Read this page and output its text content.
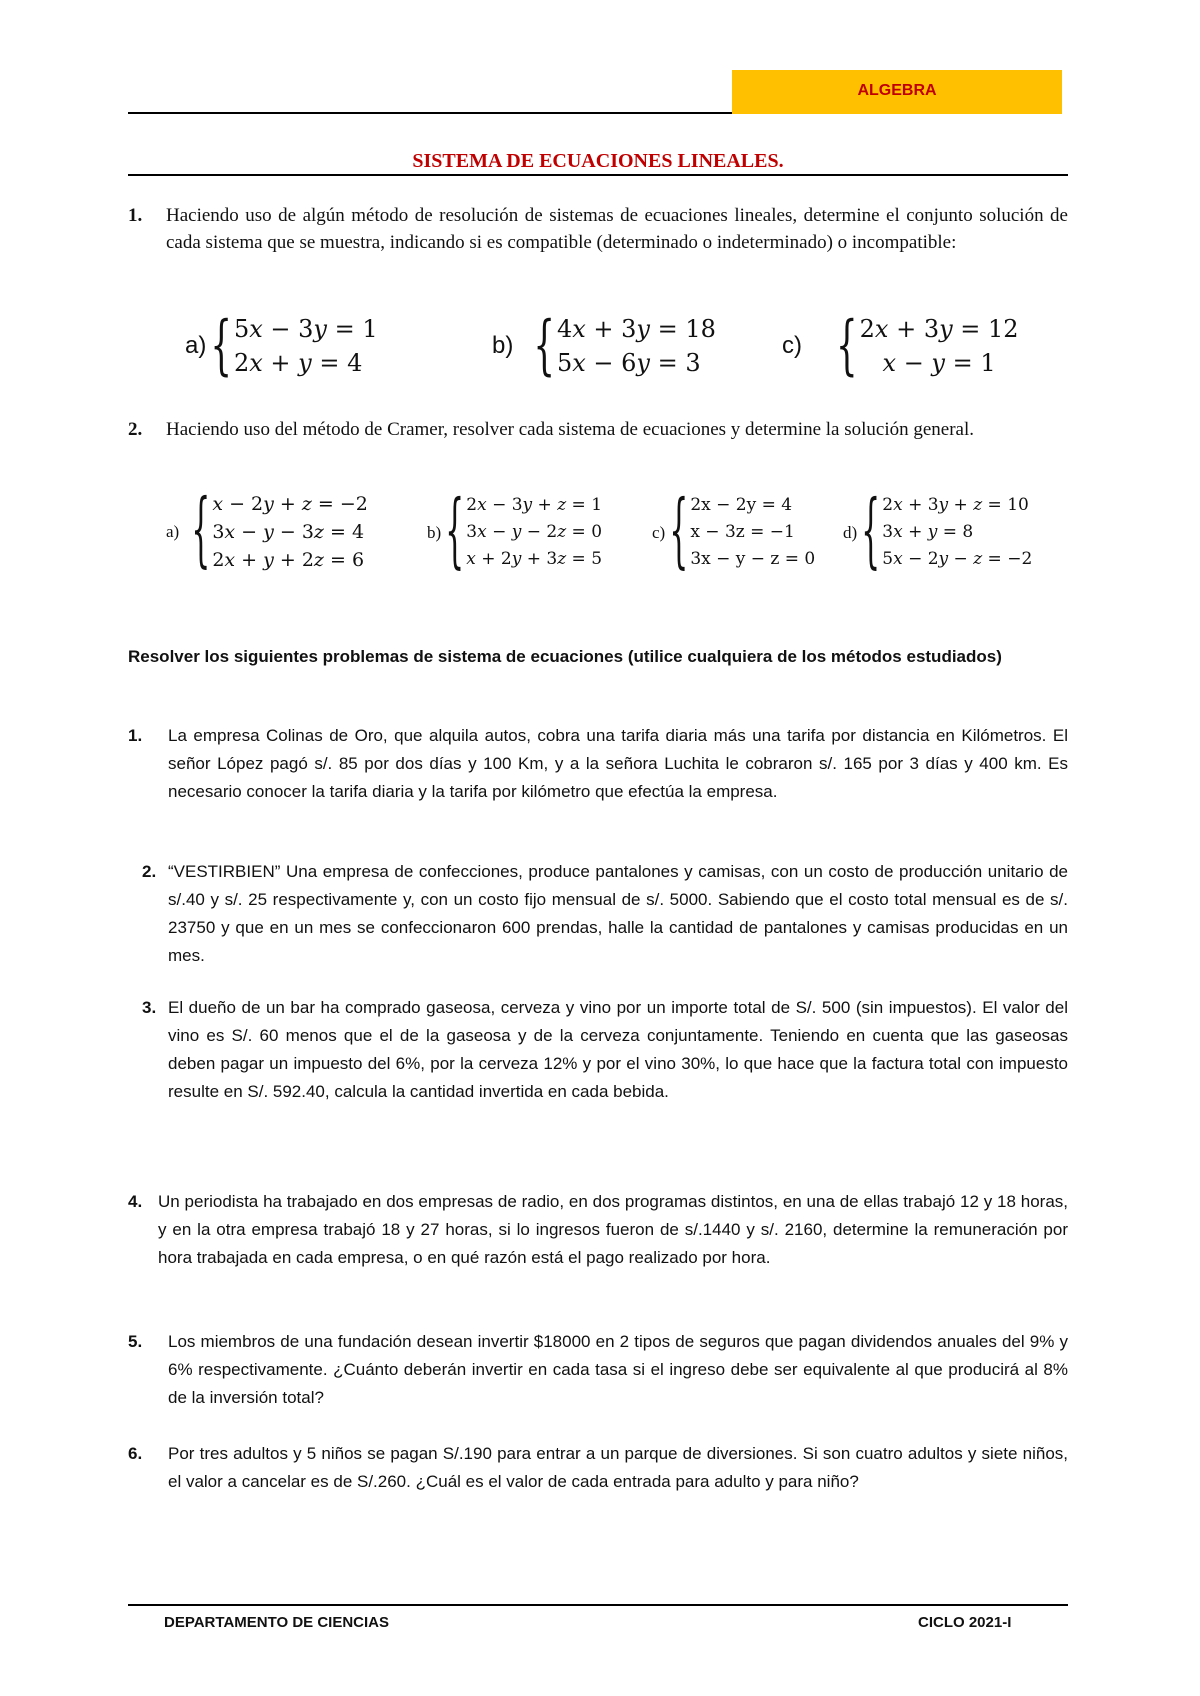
ALGEBRA
SISTEMA DE ECUACIONES LINEALES.
1. Haciendo uso de algún método de resolución de sistemas de ecuaciones lineales, determine el conjunto solución de cada sistema que se muestra, indicando si es compatible (determinado o indeterminado) o incompatible:
a) { 5𝑥 − 3𝑦 = 1
2𝑥 + 𝑦 = 4
b) { 4𝑥 + 3𝑦 = 18
5𝑥 − 6𝑦 = 3
c) { 2𝑥 + 3𝑦 = 12
𝑥 − 𝑦 = 1
2. Haciendo uso del método de Cramer, resolver cada sistema de ecuaciones y determine la solución general.
a) { 𝑥 − 2𝑦 + 𝑧 = −2
3𝑥 − 𝑦 − 3𝑧 = 4
2𝑥 + 𝑦 + 2𝑧 = 6
b) { 2𝑥 − 3𝑦 + 𝑧 = 1
3𝑥 − 𝑦 − 2𝑧 = 0
𝑥 + 2𝑦 + 3𝑧 = 5
c) { 2x − 2y = 4
x − 3z = −1
3x − y − z = 0
d) { 2𝑥 + 3𝑦 + 𝑧 = 10
3𝑥 + 𝑦 = 8
5𝑥 − 2𝑦 − 𝑧 = −2
Resolver los siguientes problemas de sistema de ecuaciones (utilice cualquiera de los métodos estudiados)
1. La empresa Colinas de Oro, que alquila autos, cobra una tarifa diaria más una tarifa por distancia en Kilómetros. El señor López pagó s/. 85 por dos días y 100 Km, y a la señora Luchita le cobraron s/. 165 por 3 días y 400 km. Es necesario conocer la tarifa diaria y la tarifa por kilómetro que efectúa la empresa.
2. “VESTIRBIEN” Una empresa de confecciones, produce pantalones y camisas, con un costo de producción unitario de s/.40 y s/. 25 respectivamente y, con un costo fijo mensual de s/. 5000. Sabiendo que el costo total mensual es de s/. 23750 y que en un mes se confeccionaron 600 prendas, halle la cantidad de pantalones y camisas producidas en un mes.
3. El dueño de un bar ha comprado gaseosa, cerveza y vino por un importe total de S/. 500 (sin impuestos). El valor del vino es S/. 60 menos que el de la gaseosa y de la cerveza conjuntamente. Teniendo en cuenta que las gaseosas deben pagar un impuesto del 6%, por la cerveza 12% y por el vino 30%, lo que hace que la factura total con impuesto resulte en S/. 592.40, calcula la cantidad invertida en cada bebida.
4. Un periodista ha trabajado en dos empresas de radio, en dos programas distintos, en una de ellas trabajó 12 y 18 horas, y en la otra empresa trabajó 18 y 27 horas, si lo ingresos fueron de s/.1440 y s/. 2160, determine la remuneración por hora trabajada en cada empresa, o en qué razón está el pago realizado por hora.
5. Los miembros de una fundación desean invertir $18000 en 2 tipos de seguros que pagan dividendos anuales del 9% y 6% respectivamente. ¿Cuánto deberán invertir en cada tasa si el ingreso debe ser equivalente al que producirá al 8% de la inversión total?
6. Por tres adultos y 5 niños se pagan S/.190 para entrar a un parque de diversiones. Si son cuatro adultos y siete niños, el valor a cancelar es de S/.260. ¿Cuál es el valor de cada entrada para adulto y para niño?
DEPARTAMENTO DE CIENCIAS	CICLO 2021-I
